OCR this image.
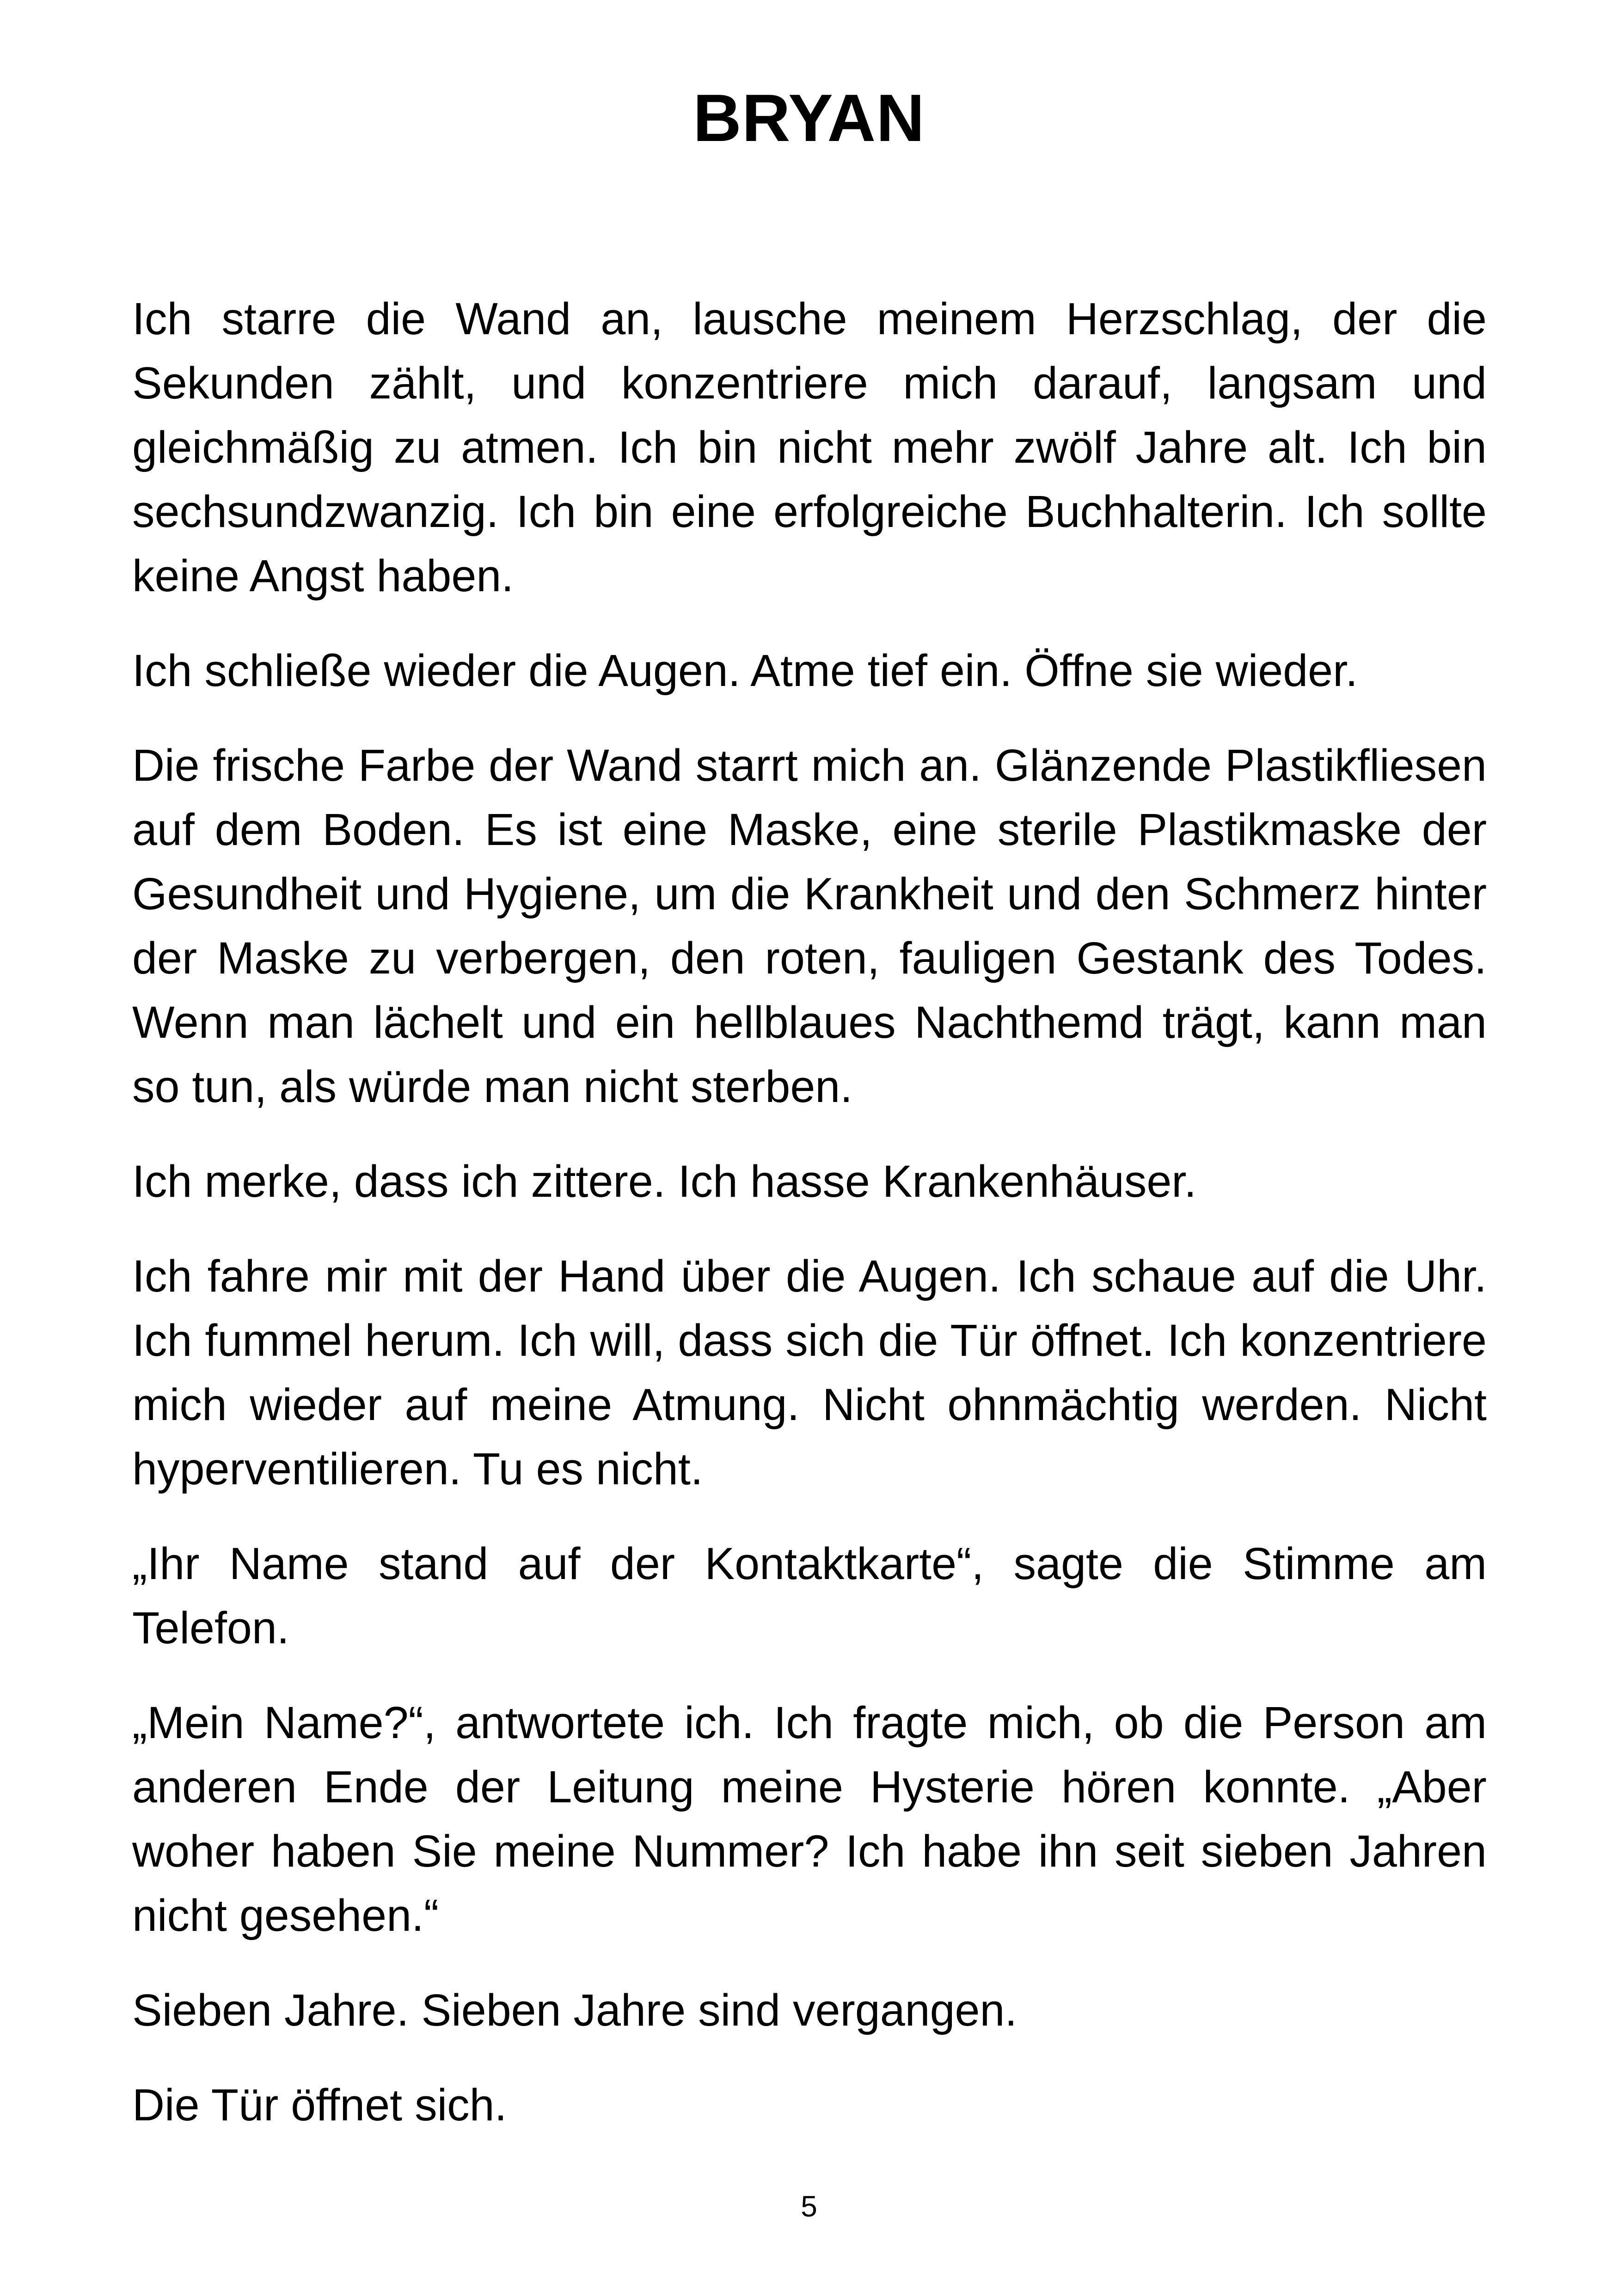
BRYAN

Ich starre die Wand an, lausche meinem Herzschlag, der die Sekunden zählt, und konzentriere mich darauf, langsam und gleichmäßig zu atmen. Ich bin nicht mehr zwölf Jahre alt. Ich bin sechsundzwanzig. Ich bin eine erfolgreiche Buchhalterin. Ich sollte keine Angst haben.

Ich schließe wieder die Augen. Atme tief ein. Öffne sie wieder.

Die frische Farbe der Wand starrt mich an. Glänzende Plastikfliesen auf dem Boden. Es ist eine Maske, eine sterile Plastikmaske der Gesundheit und Hygiene, um die Krankheit und den Schmerz hinter der Maske zu verbergen, den roten, fauligen Gestank des Todes. Wenn man lächelt und ein hellblaues Nachthemd trägt, kann man so tun, als würde man nicht sterben.

Ich merke, dass ich zittere. Ich hasse Krankenhäuser.

Ich fahre mir mit der Hand über die Augen. Ich schaue auf die Uhr. Ich fummel herum. Ich will, dass sich die Tür öffnet. Ich konzentriere mich wieder auf meine Atmung. Nicht ohnmächtig werden. Nicht hyperventilieren. Tu es nicht.

„Ihr Name stand auf der Kontaktkarte“, sagte die Stimme am Telefon.

„Mein Name?“, antwortete ich. Ich fragte mich, ob die Person am anderen Ende der Leitung meine Hysterie hören konnte. „Aber woher haben Sie meine Nummer? Ich habe ihn seit sieben Jahren nicht gesehen.“

Sieben Jahre. Sieben Jahre sind vergangen.

Die Tür öffnet sich.

5
